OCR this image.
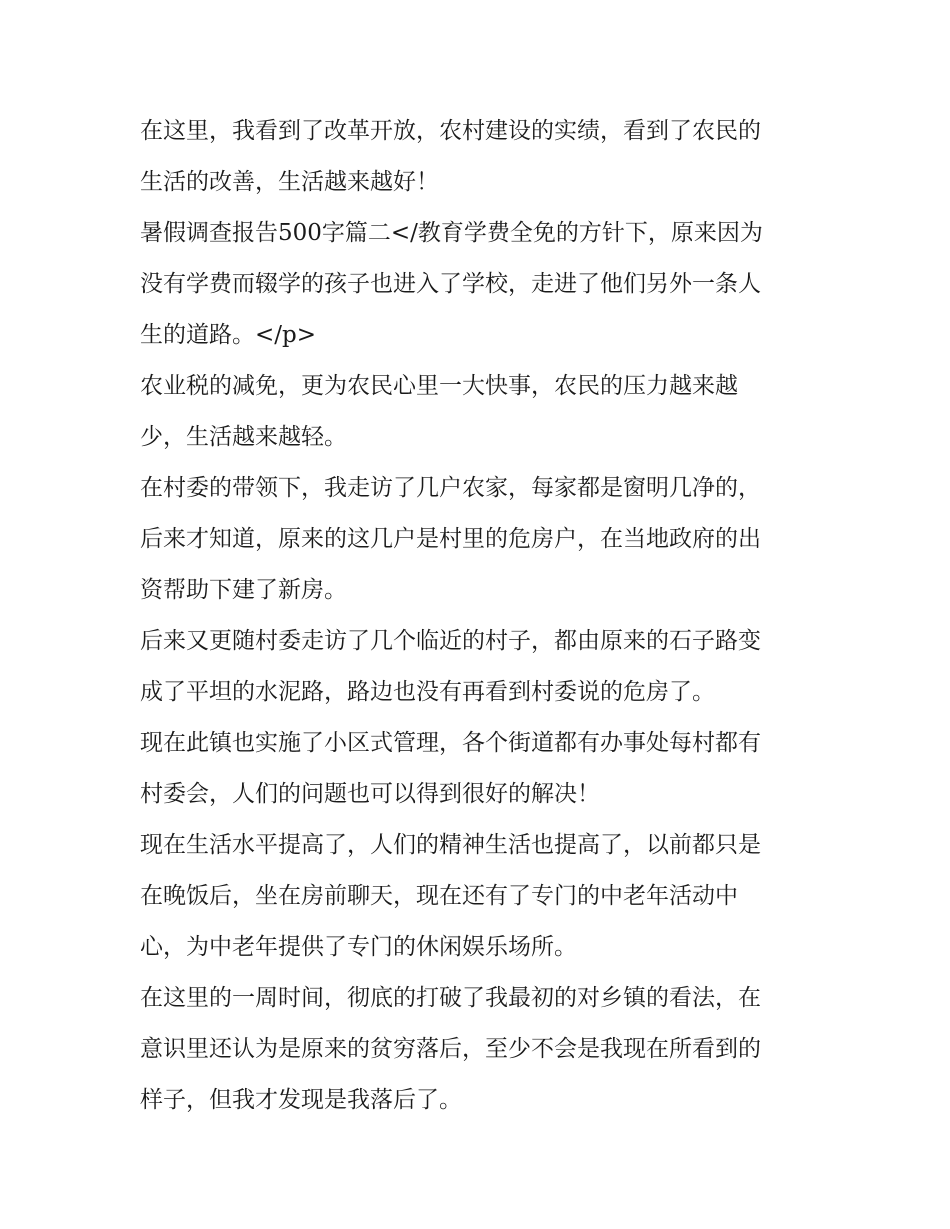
在这里，我看到了改革开放，农村建设的实绩，看到了农民的
生活的改善，生活越来越好！
暑假调查报告500字篇二</教育学费全免的方针下，原来因为
没有学费而辍学的孩子也进入了学校，走进了他们另外一条人
生的道路。</p>
农业税的减免，更为农民心里一大快事，农民的压力越来越
少，生活越来越轻。
在村委的带领下，我走访了几户农家，每家都是窗明几净的，
后来才知道，原来的这几户是村里的危房户，在当地政府的出
资帮助下建了新房。
后来又更随村委走访了几个临近的村子，都由原来的石子路变
成了平坦的水泥路，路边也没有再看到村委说的危房了。
现在此镇也实施了小区式管理，各个街道都有办事处每村都有
村委会，人们的问题也可以得到很好的解决！
现在生活水平提高了，人们的精神生活也提高了，以前都只是
在晚饭后，坐在房前聊天，现在还有了专门的中老年活动中
心，为中老年提供了专门的休闲娱乐场所。
在这里的一周时间，彻底的打破了我最初的对乡镇的看法，在
意识里还认为是原来的贫穷落后，至少不会是我现在所看到的
样子，但我才发现是我落后了。
